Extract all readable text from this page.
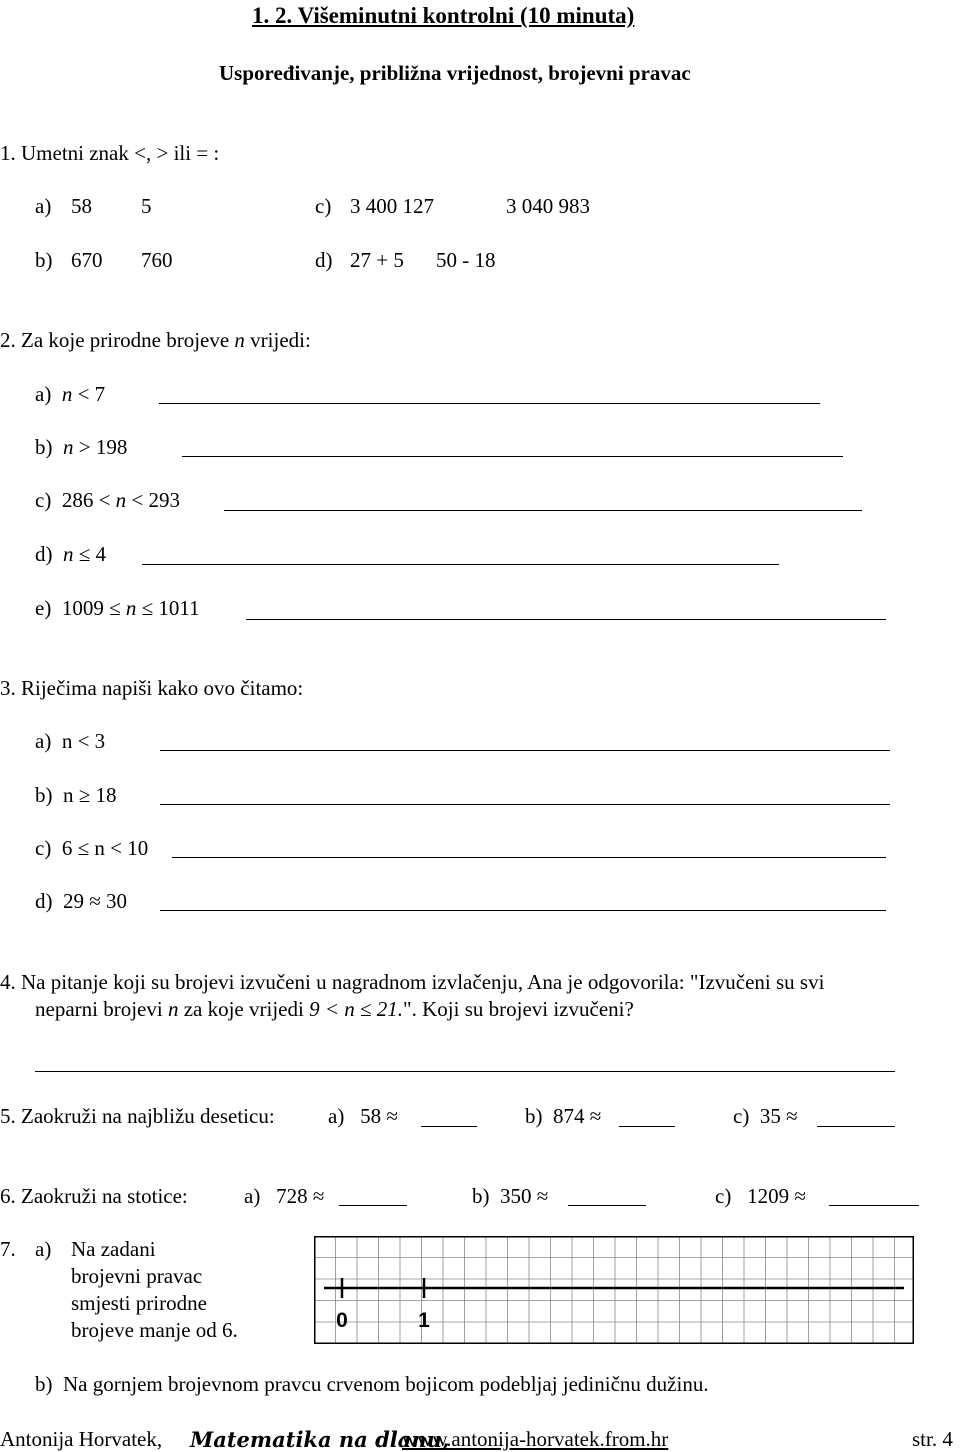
1. 2. Višeminutni kontrolni (10 minuta)
Uspoređivanje, približna vrijednost, brojevni pravac
1. Umetni znak <, > ili = :
a) 58 5	c) 3 400 127	3 040 983
b) 670 760	d) 27 + 5 50 - 18
2. Za koje prirodne brojeve n vrijedi:
a) n < 7
b) n > 198
c) 286 < n < 293
d) n ≤ 4
e) 1009 ≤ n ≤ 1011
3. Riječima napiši kako ovo čitamo:
a) n < 3
b) n ≥ 18
c) 6 ≤ n < 10
d) 29 ≈ 30
4. Na pitanje koji su brojevi izvučeni u nagradnom izvlačenju, Ana je odgovorila: "Izvučeni su svi
neparni brojevi n za koje vrijedi 9 < n ≤ 21.". Koji su brojevi izvučeni?
5. Zaokruži na najbližu deseticu:	a) 58 ≈	b) 874 ≈	c) 35 ≈
6. Zaokruži na stotice:	a) 728 ≈	b) 350 ≈	c) 1209 ≈
7. a) Na zadani
brojevni pravac
smjesti prirodne
brojeve manje od 6.	0	1
b) Na gornjem brojevnom pravcu crvenom bojicom podebljaj jediničnu dužinu.
Antonija Horvatek, Matematika na dlanu,
www.antonija-horvatek.from.hr	str. 4
